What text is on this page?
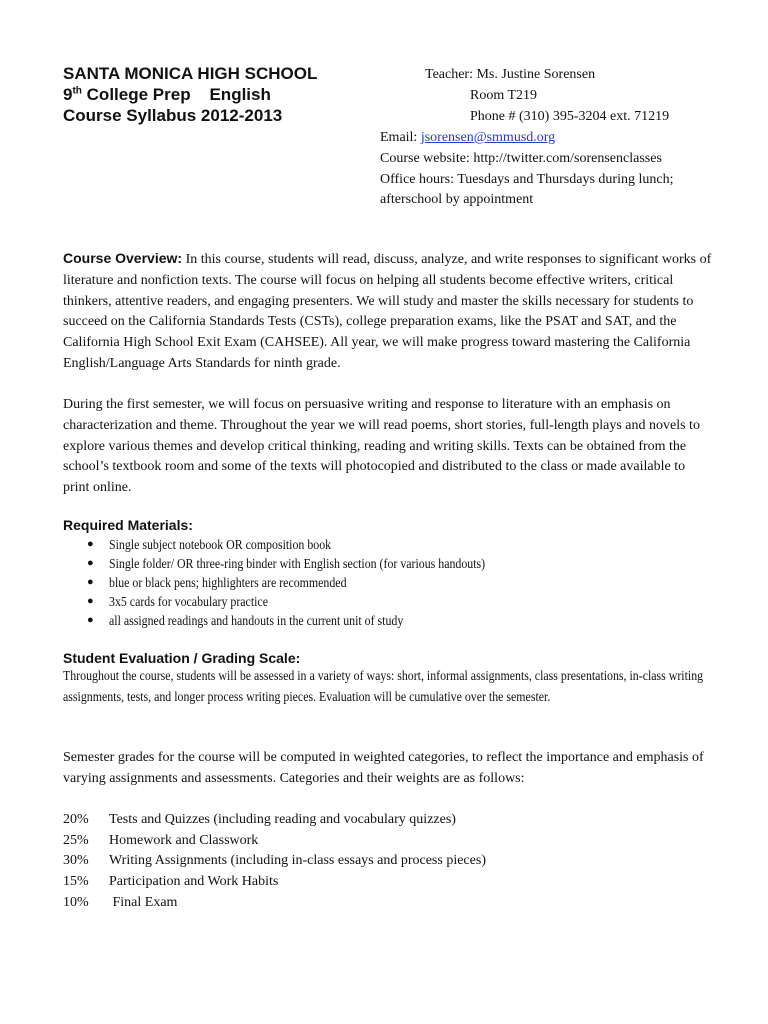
SANTA MONICA HIGH SCHOOL
9th College Prep    English
Course Syllabus 2012-2013
Teacher: Ms. Justine Sorensen
Room T219
Phone # (310) 395-3204 ext. 71219
Email: jsorensen@smmusd.org
Course website: http://twitter.com/sorensenclasses
Office hours: Tuesdays and Thursdays during lunch;
afterschool by appointment
Course Overview: In this course, students will read, discuss, analyze, and write responses to significant works of literature and nonfiction texts. The course will focus on helping all students become effective writers, critical thinkers, attentive readers, and engaging presenters. We will study and master the skills necessary for students to succeed on the California Standards Tests (CSTs), college preparation exams, like the PSAT and SAT, and the California High School Exit Exam (CAHSEE). All year, we will make progress toward mastering the California English/Language Arts Standards for ninth grade.
During the first semester, we will focus on persuasive writing and response to literature with an emphasis on characterization and theme. Throughout the year we will read poems, short stories, full-length plays and novels to explore various themes and develop critical thinking, reading and writing skills. Texts can be obtained from the school’s textbook room and some of the texts will photocopied and distributed to the class or made available to print online.
Required Materials:
● Single subject notebook OR composition book
● Single folder/ OR three-ring binder with English section (for various handouts)
● blue or black pens; highlighters are recommended
● 3x5 cards for vocabulary practice
● all assigned readings and handouts in the current unit of study
Student Evaluation / Grading Scale:
Throughout the course, students will be assessed in a variety of ways: short, informal assignments, class presentations, in-class writing assignments, tests, and longer process writing pieces. Evaluation will be cumulative over the semester.
Semester grades for the course will be computed in weighted categories, to reflect the importance and emphasis of varying assignments and assessments. Categories and their weights are as follows:
20% Tests and Quizzes (including reading and vocabulary quizzes)
25% Homework and Classwork
30% Writing Assignments (including in-class essays and process pieces)
15% Participation and Work Habits
10% Final Exam
